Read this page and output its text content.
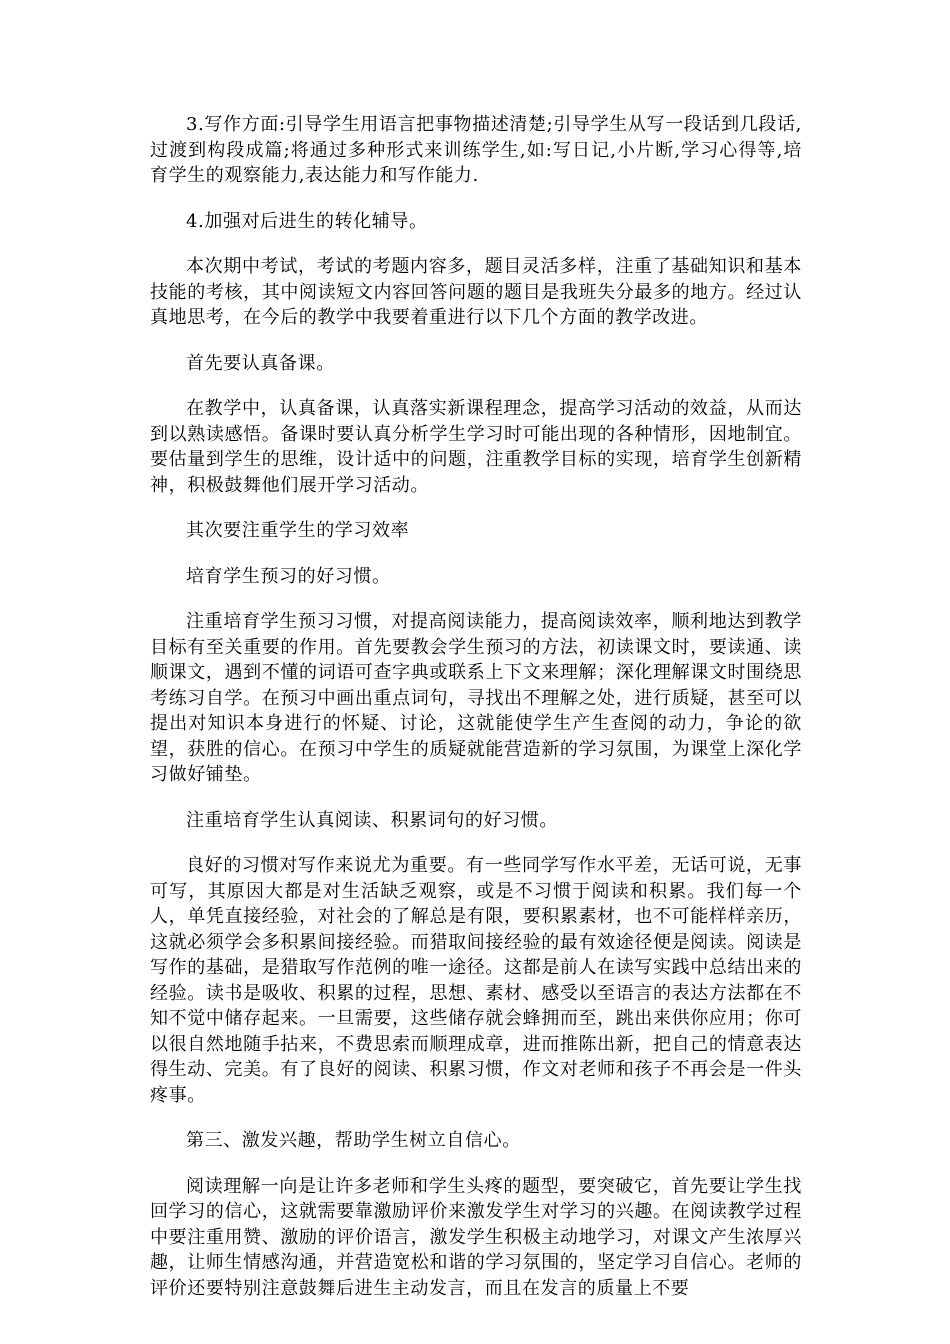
3.写作方面:引导学生用语言把事物描述清楚;引导学生从写一段话到几段话,过渡到构段成篇;将通过多种形式来训练学生,如:写日记,小片断,学习心得等,培育学生的观察能力,表达能力和写作能力.

4.加强对后进生的转化辅导。

本次期中考试，考试的考题内容多，题目灵活多样，注重了基础知识和基本技能的考核，其中阅读短文内容回答问题的题目是我班失分最多的地方。经过认真地思考，在今后的教学中我要着重进行以下几个方面的教学改进。

首先要认真备课。

在教学中，认真备课，认真落实新课程理念，提高学习活动的效益，从而达到以熟读感悟。备课时要认真分析学生学习时可能出现的各种情形，因地制宜。要估量到学生的思维，设计适中的问题，注重教学目标的实现，培育学生创新精神，积极鼓舞他们展开学习活动。

其次要注重学生的学习效率

培育学生预习的好习惯。

注重培育学生预习习惯，对提高阅读能力，提高阅读效率，顺利地达到教学目标有至关重要的作用。首先要教会学生预习的方法，初读课文时，要读通、读顺课文，遇到不懂的词语可查字典或联系上下文来理解；深化理解课文时围绕思考练习自学。在预习中画出重点词句，寻找出不理解之处，进行质疑，甚至可以提出对知识本身进行的怀疑、讨论，这就能使学生产生查阅的动力，争论的欲望，获胜的信心。在预习中学生的质疑就能营造新的学习氛围，为课堂上深化学习做好铺垫。

注重培育学生认真阅读、积累词句的好习惯。

良好的习惯对写作来说尤为重要。有一些同学写作水平差，无话可说，无事可写，其原因大都是对生活缺乏观察，或是不习惯于阅读和积累。我们每一个人，单凭直接经验，对社会的了解总是有限，要积累素材，也不可能样样亲历，这就必须学会多积累间接经验。而猎取间接经验的最有效途径便是阅读。阅读是写作的基础，是猎取写作范例的唯一途径。这都是前人在读写实践中总结出来的经验。读书是吸收、积累的过程，思想、素材、感受以至语言的表达方法都在不知不觉中储存起来。一旦需要，这些储存就会蜂拥而至，跳出来供你应用；你可以很自然地随手拈来，不费思索而顺理成章，进而推陈出新，把自己的情意表达得生动、完美。有了良好的阅读、积累习惯，作文对老师和孩子不再会是一件头疼事。

第三、激发兴趣，帮助学生树立自信心。

阅读理解一向是让许多老师和学生头疼的题型，要突破它，首先要让学生找回学习的信心，这就需要靠激励评价来激发学生对学习的兴趣。在阅读教学过程中要注重用赞、激励的评价语言，激发学生积极主动地学习，对课文产生浓厚兴趣，让师生情感沟通，并营造宽松和谐的学习氛围的，坚定学习自信心。老师的评价还要特别注意鼓舞后进生主动发言，而且在发言的质量上不要
